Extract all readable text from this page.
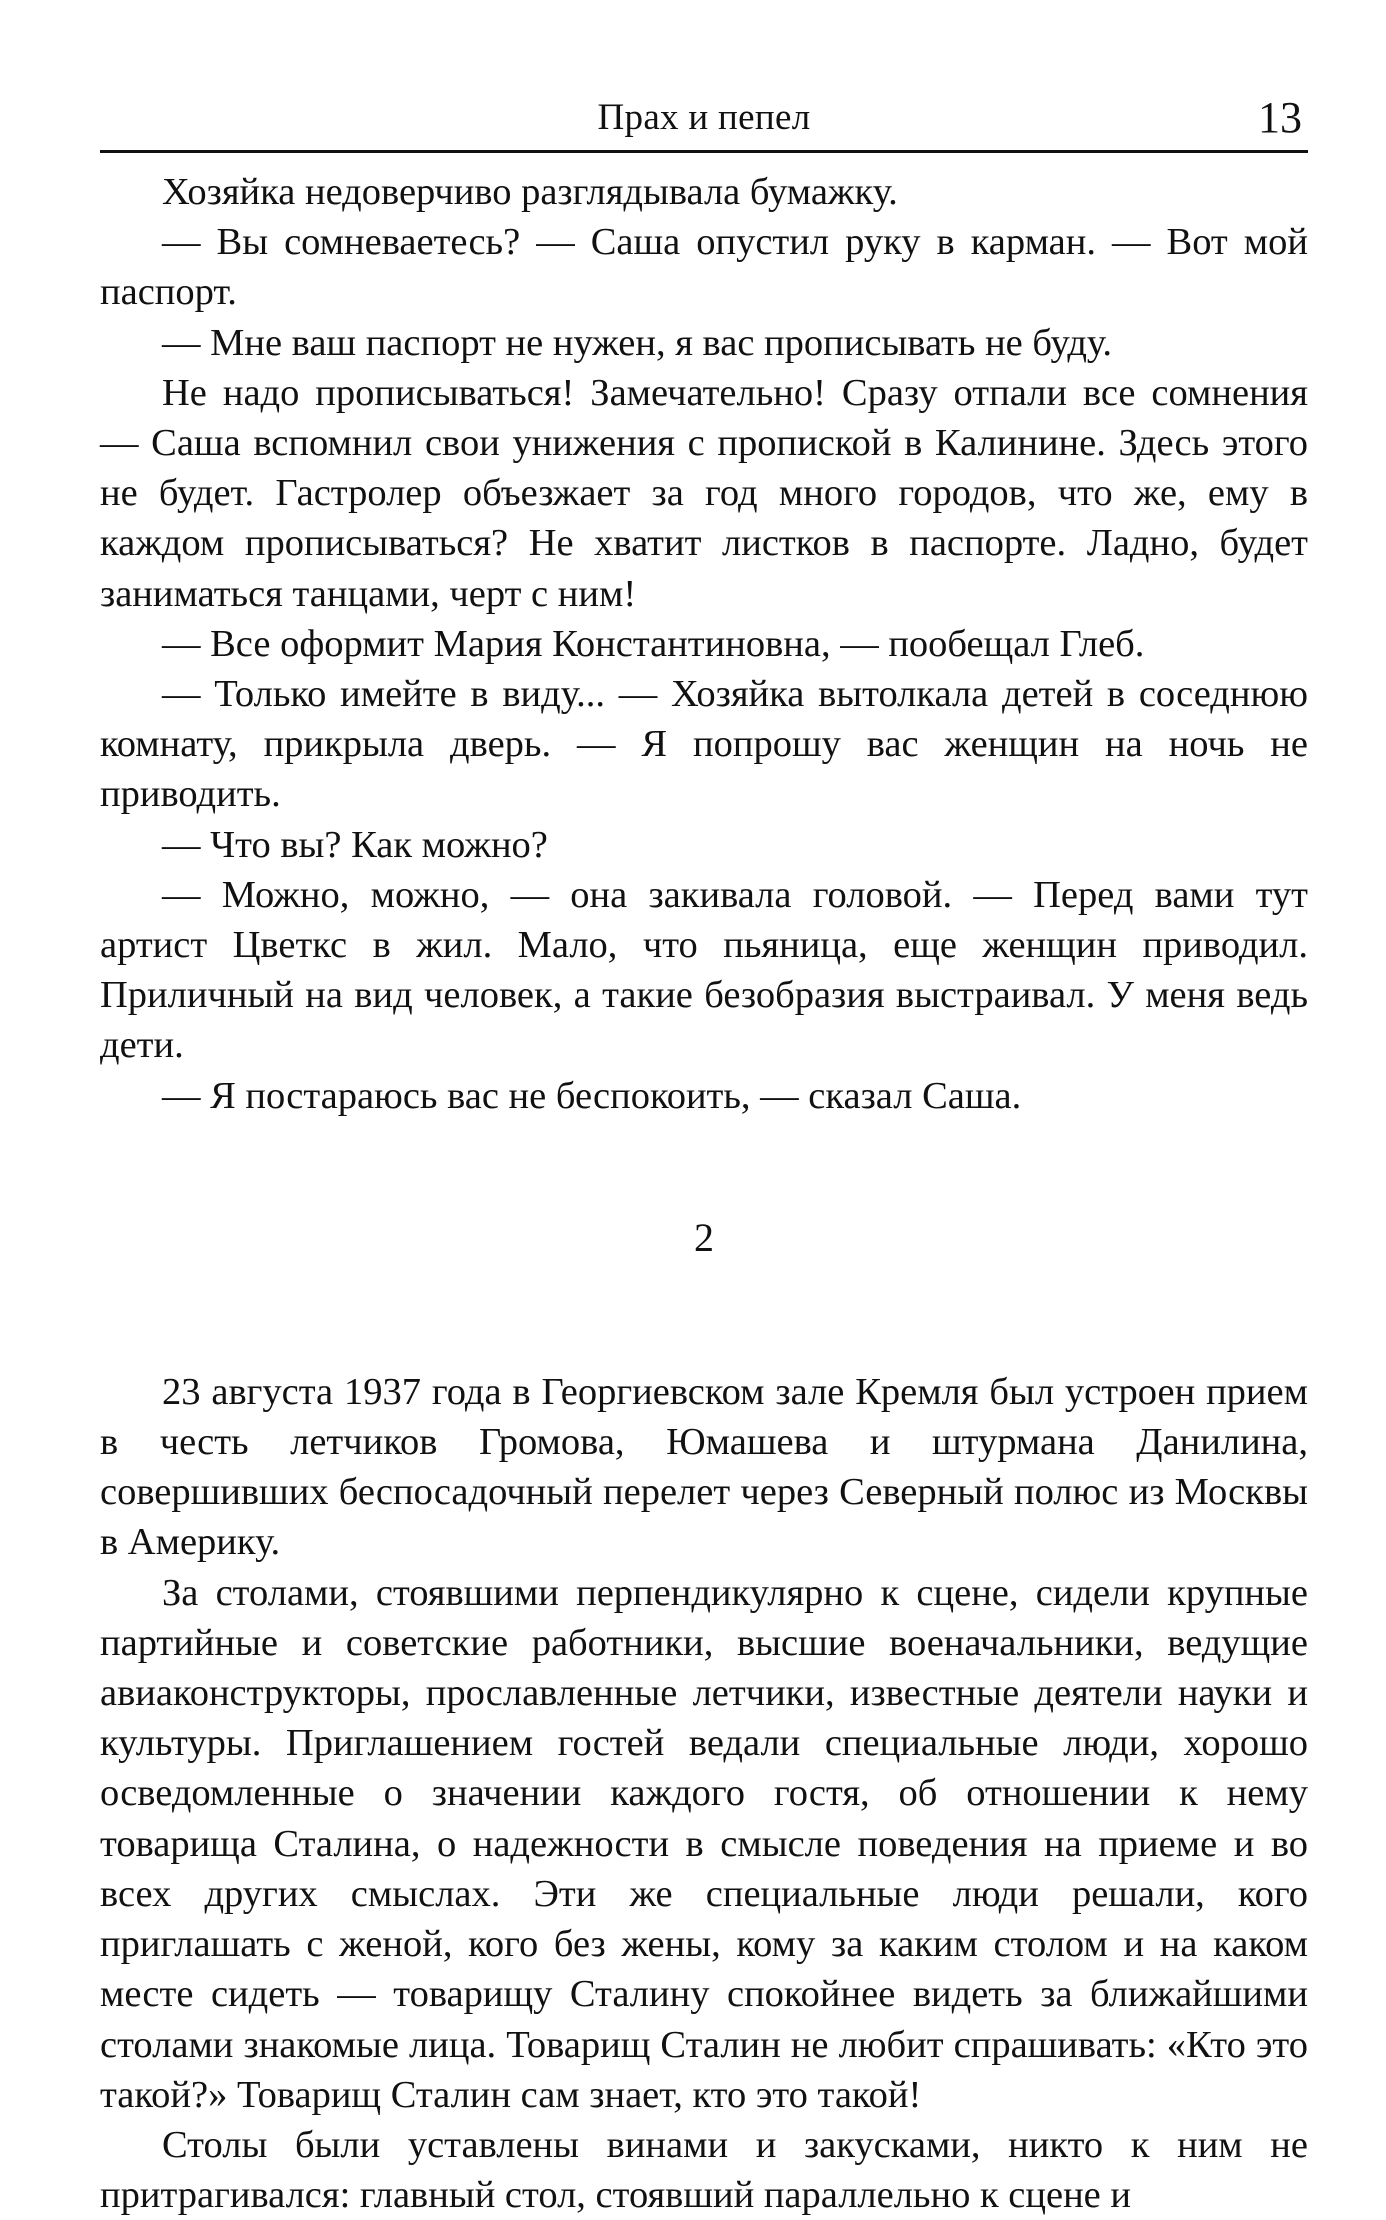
Прах и пепел	13

Хозяйка недоверчиво разглядывала бумажку.

— Вы сомневаетесь? — Саша опустил руку в карман. — Вот мой паспорт.

— Мне ваш паспорт не нужен, я вас прописывать не буду.

Не надо прописываться! Замечательно! Сразу отпали все сомнения — Саша вспомнил свои унижения с пропиской в Калинине. Здесь этого не будет. Гастролер объезжает за год много городов, что же, ему в каждом прописываться? Не хватит листков в паспорте. Ладно, будет заниматься танцами, черт с ним!

— Все оформит Мария Константиновна, — пообещал Глеб.

— Только имейте в виду... — Хозяйка вытолкала детей в соседнюю комнату, прикрыла дверь. — Я попрошу вас женщин на ночь не приводить.

— Что вы? Как можно?

— Можно, можно, — она закивала головой. — Перед вами тут артист Цветкс в жил. Мало, что пьяница, еще женщин приводил. Приличный на вид человек, а такие безобразия выстраивал. У меня ведь дети.

— Я постараюсь вас не беспокоить, — сказал Саша.

2

23 августа 1937 года в Георгиевском зале Кремля был устроен прием в честь летчиков Громова, Юмашева и штурмана Данилина, совершивших беспосадочный перелет через Северный полюс из Москвы в Америку.

За столами, стоявшими перпендикулярно к сцене, сидели крупные партийные и советские работники, высшие военачальники, ведущие авиаконструкторы, прославленные летчики, известные деятели науки и культуры. Приглашением гостей ведали специальные люди, хорошо осведомленные о значении каждого гостя, об отношении к нему товарища Сталина, о надежности в смысле поведения на приеме и во всех других смыслах. Эти же специальные люди решали, кого приглашать с женой, кого без жены, кому за каким столом и на каком месте сидеть — товарищу Сталину спокойнее видеть за ближайшими столами знакомые лица. Товарищ Сталин не любит спрашивать: «Кто это такой?» Товарищ Сталин сам знает, кто это такой!

Столы были уставлены винами и закусками, никто к ним не притрагивался: главный стол, стоявший параллельно к сцене и
